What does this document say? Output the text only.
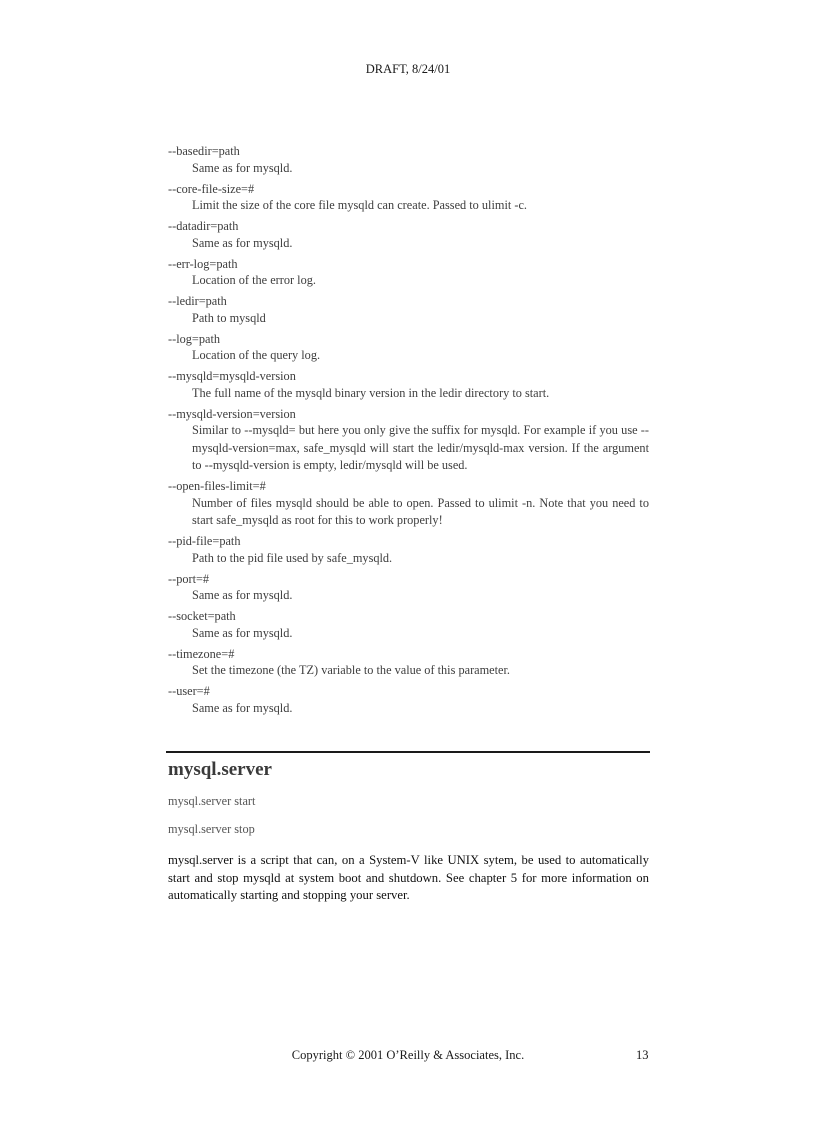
DRAFT, 8/24/01
--basedir=path
Same as for mysqld.
--core-file-size=#
Limit the size of the core file mysqld can create. Passed to ulimit -c.
--datadir=path
Same as for mysqld.
--err-log=path
Location of the error log.
--ledir=path
Path to mysqld
--log=path
Location of the query log.
--mysqld=mysqld-version
The full name of the mysqld binary version in the ledir directory to start.
--mysqld-version=version
Similar to --mysqld= but here you only give the suffix for mysqld. For example if you use --mysqld-version=max, safe_mysqld will start the ledir/mysqld-max version. If the argument to --mysqld-version is empty, ledir/mysqld will be used.
--open-files-limit=#
Number of files mysqld should be able to open. Passed to ulimit -n. Note that you need to start safe_mysqld as root for this to work properly!
--pid-file=path
Path to the pid file used by safe_mysqld.
--port=#
Same as for mysqld.
--socket=path
Same as for mysqld.
--timezone=#
Set the timezone (the TZ) variable to the value of this parameter.
--user=#
Same as for mysqld.
mysql.server
mysql.server start
mysql.server stop
mysql.server is a script that can, on a System-V like UNIX sytem, be used to automatically start and stop mysqld at system boot and shutdown. See chapter 5 for more information on automatically starting and stopping your server.
Copyright © 2001 O’Reilly & Associates, Inc.	13
